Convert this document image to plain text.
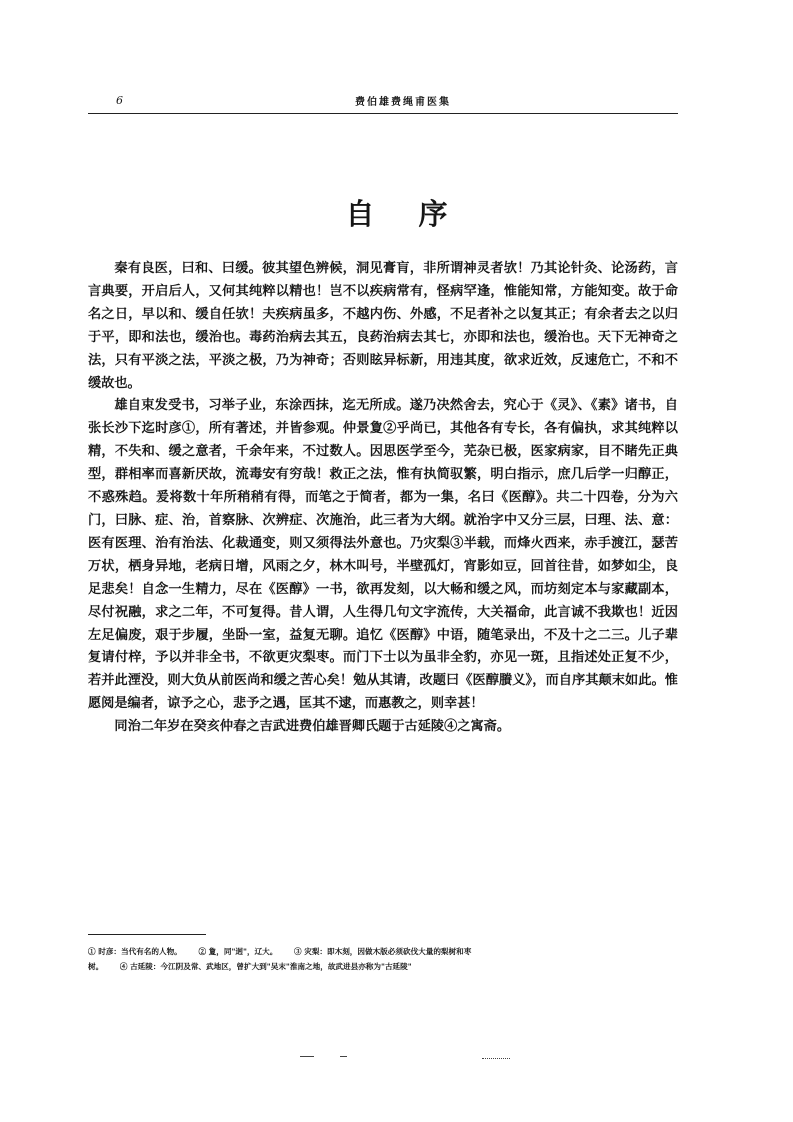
6	费伯雄费绳甫医集
自序

秦有良医，曰和、曰缓。彼其望色辨候，洞见膏肓，非所谓神灵者欤！乃其论针灸、论汤药，言言典要，开启后人，又何其纯粹以精也！岂不以疾病常有，怪病罕逢，惟能知常，方能知变。故于命名之日，早以和、缓自任欤！夫疾病虽多，不越内伤、外感，不足者补之以复其正；有余者去之以归于平，即和法也，缓治也。毒药治病去其五，良药治病去其七，亦即和法也，缓治也。天下无神奇之法，只有平淡之法，平淡之极，乃为神奇；否则眩异标新，用违其度，欲求近效，反速危亡，不和不缓故也。

雄自束发受书，习举子业，东涂西抹，迄无所成。遂乃决然舍去，究心于《灵》、《素》诸书，自张长沙下迄时彦①，所有著述，并皆参观。仲景夐②乎尚已，其他各有专长，各有偏执，求其纯粹以精，不失和、缓之意者，千余年来，不过数人。因思医学至今，芜杂已极，医家病家，目不睹先正典型，群相率而喜新厌故，流毒安有穷哉！救正之法，惟有执简驭繁，明白指示，庶几后学一归醇正，不惑殊趋。爰将数十年所稍稍有得，而笔之于简者，都为一集，名曰《医醇》。共二十四卷，分为六门，曰脉、症、治，首察脉、次辨症、次施治，此三者为大纲。就治字中又分三层，曰理、法、意：医有医理、治有治法、化裁通变，则又须得法外意也。乃灾梨③半载，而烽火西来，赤手渡江，瑟苦万状，栖身异地，老病日增，风雨之夕，林木叫号，半壁孤灯，宵影如豆，回首往昔，如梦如尘，良足悲矣！自念一生精力，尽在《医醇》一书，欲再发刻，以大畅和缓之风，而坊刻定本与家藏副本，尽付祝融，求之二年，不可复得。昔人谓，人生得几句文字流传，大关福命，此言诚不我欺也！近因左足偏废，艰于步履，坐卧一室，益复无聊。追忆《医醇》中语，随笔录出，不及十之二三。儿子辈复请付梓，予以并非全书，不欲更灾梨枣。而门下士以为虽非全豹，亦见一斑，且指述处正复不少，若并此湮没，则大负从前医尚和缓之苦心矣！勉从其请，改题曰《医醇賸义》，而自序其颠末如此。惟愿阅是编者，谅予之心，悲予之遇，匡其不逮，而惠教之，则幸甚！

同治二年岁在癸亥仲春之吉武进费伯雄晋卿氏题于古延陵④之寓斋。

① 时彦：当代有名的人物。 ② 夐，同"迥"，辽大。 ③ 灾梨：即木刻，因做木版必须砍伐大量的梨树和枣

树。 ④ 古延陵：今江阴及常、武地区，曾扩大到"吴末"淮南之地，故武进县亦称为"古延陵"
